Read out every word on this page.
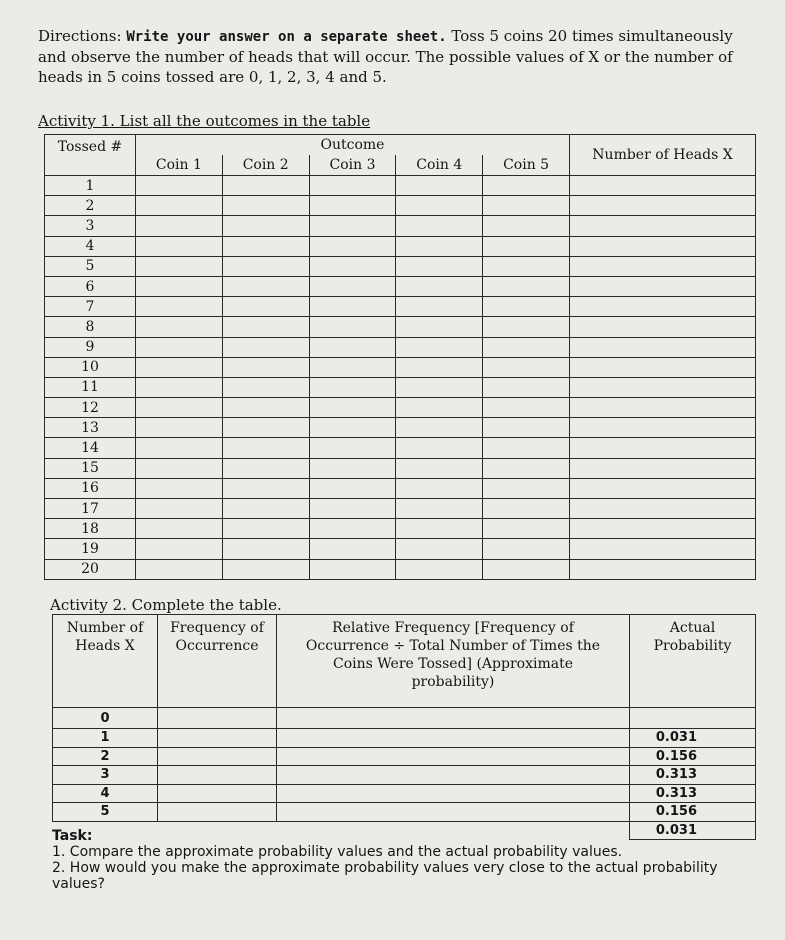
Directions: Write your answer on a separate sheet. Toss 5 coins 20 times simultaneously and observe the number of heads that will occur. The possible values of X or the number of heads in 5 coins tossed are 0, 1, 2, 3, 4 and 5.
Activity 1. List all the outcomes in the table
Tossed #	Outcome					Number of Heads X
	Coin 1	Coin 2	Coin 3	Coin 4	Coin 5	
1						
2						
3						
4						
5						
6						
7						
8						
9						
10						
11						
12						
13						
14						
15						
16						
17						
18						
19						
20						
Activity 2. Complete the table.
Number of Heads X	Frequency of Occurrence	Relative Frequency [Frequency of Occurrence ÷ Total Number of Times the Coins Were Tossed] (Approximate probability)	Actual Probability
0			
1			0.031
2			0.156
3			0.313
4			0.313
5			0.156
			0.031
Task:
1. Compare the approximate probability values and the actual probability values.
2. How would you make the approximate probability values very close to the actual probability values?
